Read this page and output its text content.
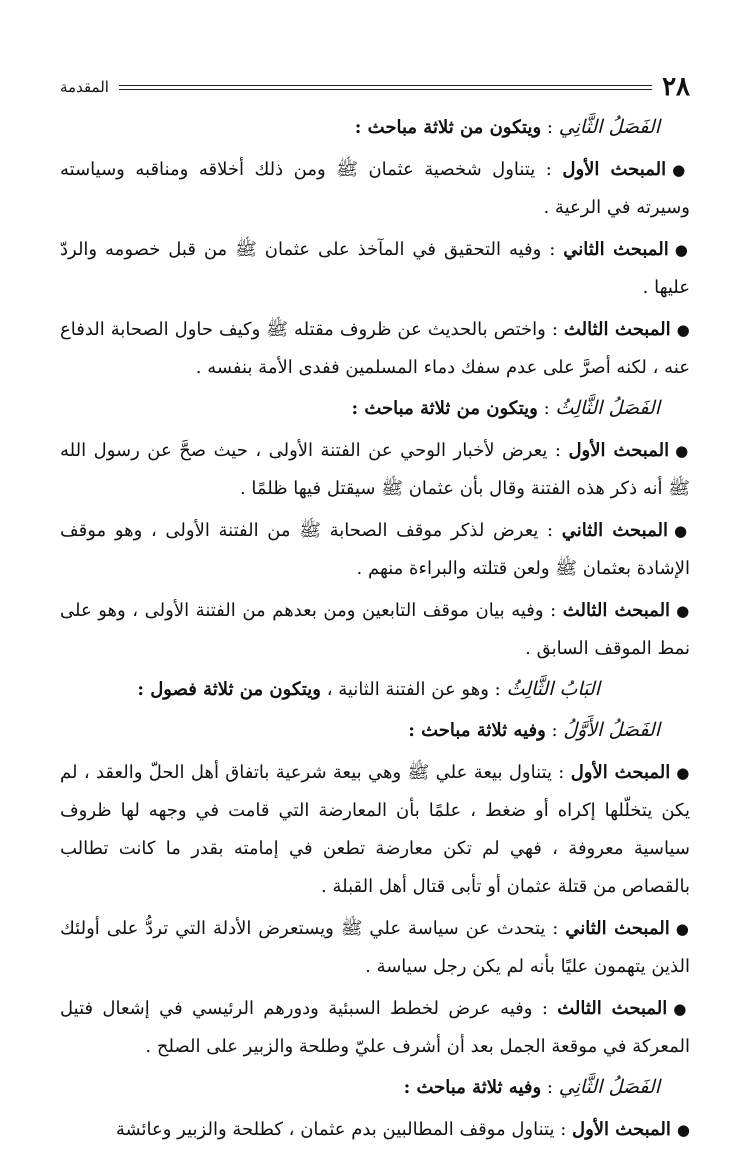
٢٨
المقدمة

الفَصَلُ الثَّانِي : ويتكون من ثلاثة مباحث :

●المبحث الأول : يتناول شخصية عثمان ﷺ ومن ذلك أخلاقه ومناقبه وسياسته وسيرته في الرعية .

●المبحث الثاني : وفيه التحقيق في المآخذ على عثمان ﷺ من قبل خصومه والردّ عليها .

●المبحث الثالث : واختص بالحديث عن ظروف مقتله ﷺ وكيف حاول الصحابة الدفاع عنه ، لكنه أصرَّ على عدم سفك دماء المسلمين ففدى الأمة بنفسه .

الفَصَلُ الثَّالِثُ : ويتكون من ثلاثة مباحث :

●المبحث الأول : يعرض لأخبار الوحي عن الفتنة الأولى ، حيث صحَّ عن رسول الله ﷺ أنه ذكر هذه الفتنة وقال بأن عثمان ﷺ سيقتل فيها ظلمًا .

●المبحث الثاني : يعرض لذكر موقف الصحابة ﷺ من الفتنة الأولى ، وهو موقف الإشادة بعثمان ﷺ ولعن قتلته والبراءة منهم .

●المبحث الثالث : وفيه بيان موقف التابعين ومن بعدهم من الفتنة الأولى ، وهو على نمط الموقف السابق .

البَابُ الثَّالِثُ : وهو عن الفتنة الثانية ، ويتكون من ثلاثة فصول :

الفَصَلُ الأَوَّلُ : وفيه ثلاثة مباحث :

●المبحث الأول : يتناول بيعة علي ﷺ وهي بيعة شرعية باتفاق أهل الحلّ والعقد ، لم يكن يتخلّلها إكراه أو ضغط ، علمًا بأن المعارضة التي قامت في وجهه لها ظروف سياسية معروفة ، فهي لم تكن معارضة تطعن في إمامته بقدر ما كانت تطالب بالقصاص من قتلة عثمان أو تأبى قتال أهل القبلة .

●المبحث الثاني : يتحدث عن سياسة علي ﷺ ويستعرض الأدلة التي تردُّ على أولئك الذين يتهمون عليًا بأنه لم يكن رجل سياسة .

●المبحث الثالث : وفيه عرض لخطط السبئية ودورهم الرئيسي في إشعال فتيل المعركة في موقعة الجمل بعد أن أشرف عليّ وطلحة والزبير على الصلح .

الفَصَلُ الثَّانِي : وفيه ثلاثة مباحث :

●المبحث الأول : يتناول موقف المطالبين بدم عثمان ، كطلحة والزبير وعائشة
